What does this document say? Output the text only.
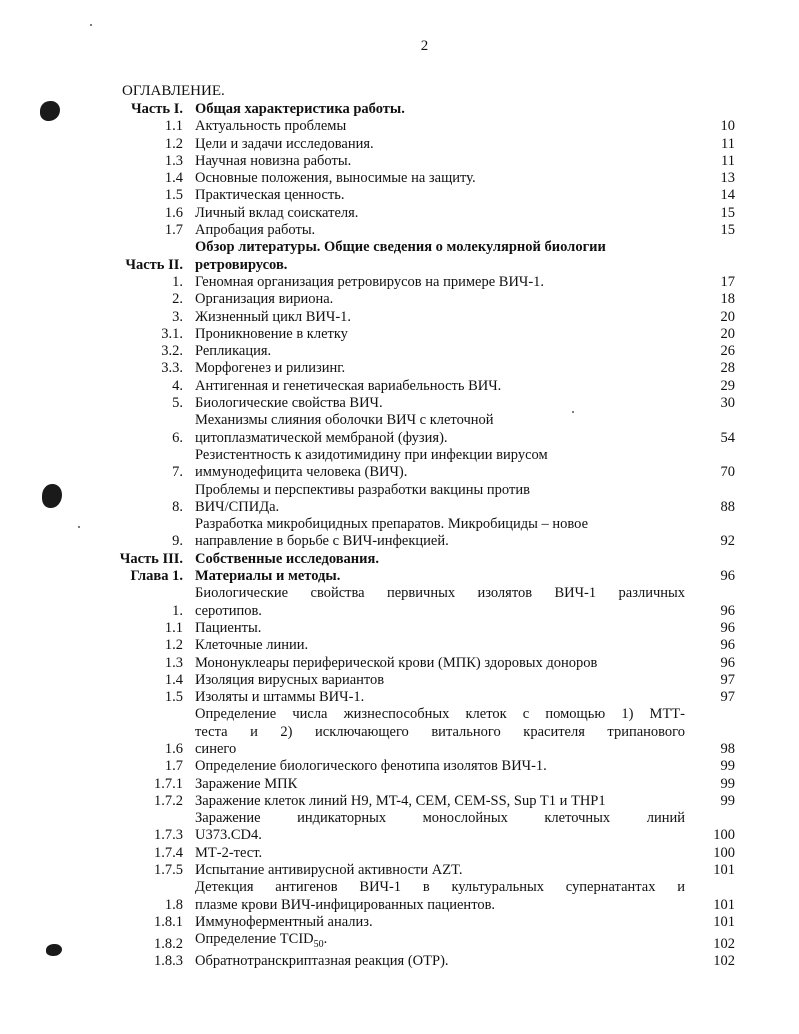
2
ОГЛАВЛЕНИЕ.
Часть I. Общая характеристика работы.
1.1 Актуальность проблемы	10
1.2 Цели и задачи исследования.	11
1.3 Научная новизна работы.	11
1.4 Основные положения, выносимые на защиту.	13
1.5 Практическая ценность.	14
1.6 Личный вклад соискателя.	15
1.7 Апробация работы.	15
Часть II.
Обзор литературы. Общие сведения о молекулярной биологии
ретровирусов.
1. Геномная организация ретровирусов на примере ВИЧ-1.	17
2. Организация вириона.	18
3. Жизненный цикл ВИЧ-1.	20
3.1. Проникновение в клетку	20
3.2. Репликация.	26
3.3. Морфогенез и рилизинг.	28
4. Антигенная и генетическая вариабельность ВИЧ.	29
5. Биологические свойства ВИЧ.	30
6.
Механизмы слияния оболочки ВИЧ с клеточной
цитоплазматической мембраной (фузия).	54
7.
Резистентность к азидотимидину при инфекции вирусом
иммунодефицита человека (ВИЧ).	70
8.
Проблемы и перспективы разработки вакцины против
ВИЧ/СПИДа.	88
9.
Разработка микробицидных препаратов. Микробициды – новое
направление в борьбе с ВИЧ-инфекцией.	92
Часть III. Собственные исследования.
Глава 1. Материалы и методы.	96
1.
Биологические свойства первичных изолятов ВИЧ-1 различных
серотипов.	96
1.1 Пациенты.	96
1.2 Клеточные линии.	96
1.3 Мононуклеары периферической крови (МПК) здоровых доноров	96
1.4 Изоляция вирусных вариантов	97
1.5 Изоляты и штаммы ВИЧ-1.	97
1.6
Определение числа жизнеспособных клеток с помощью 1) МТТ-
теста и 2) исключающего витального красителя трипанового
синего	98
1.7 Определение биологического фенотипа изолятов ВИЧ-1.	99
1.7.1 Заражение МПК	99
1.7.2 Заражение клеток линий H9, MT-4, CEM, CEM-SS, Sup T1 и THP1	99
1.7.3
Заражение индикаторных монослойных клеточных линий
U373.CD4.	100
1.7.4 МТ-2-тест.	100
1.7.5 Испытание антивирусной активности AZT.	101
1.8
Детекция антигенов ВИЧ-1 в культуральных супернатантах и
плазме крови ВИЧ-инфицированных пациентов.	101
1.8.1 Иммуноферментный анализ.	101
1.8.2 Определение $TCID_{50}$.	102
1.8.3 Обратнотранскриптазная реакция (ОТР).	102
